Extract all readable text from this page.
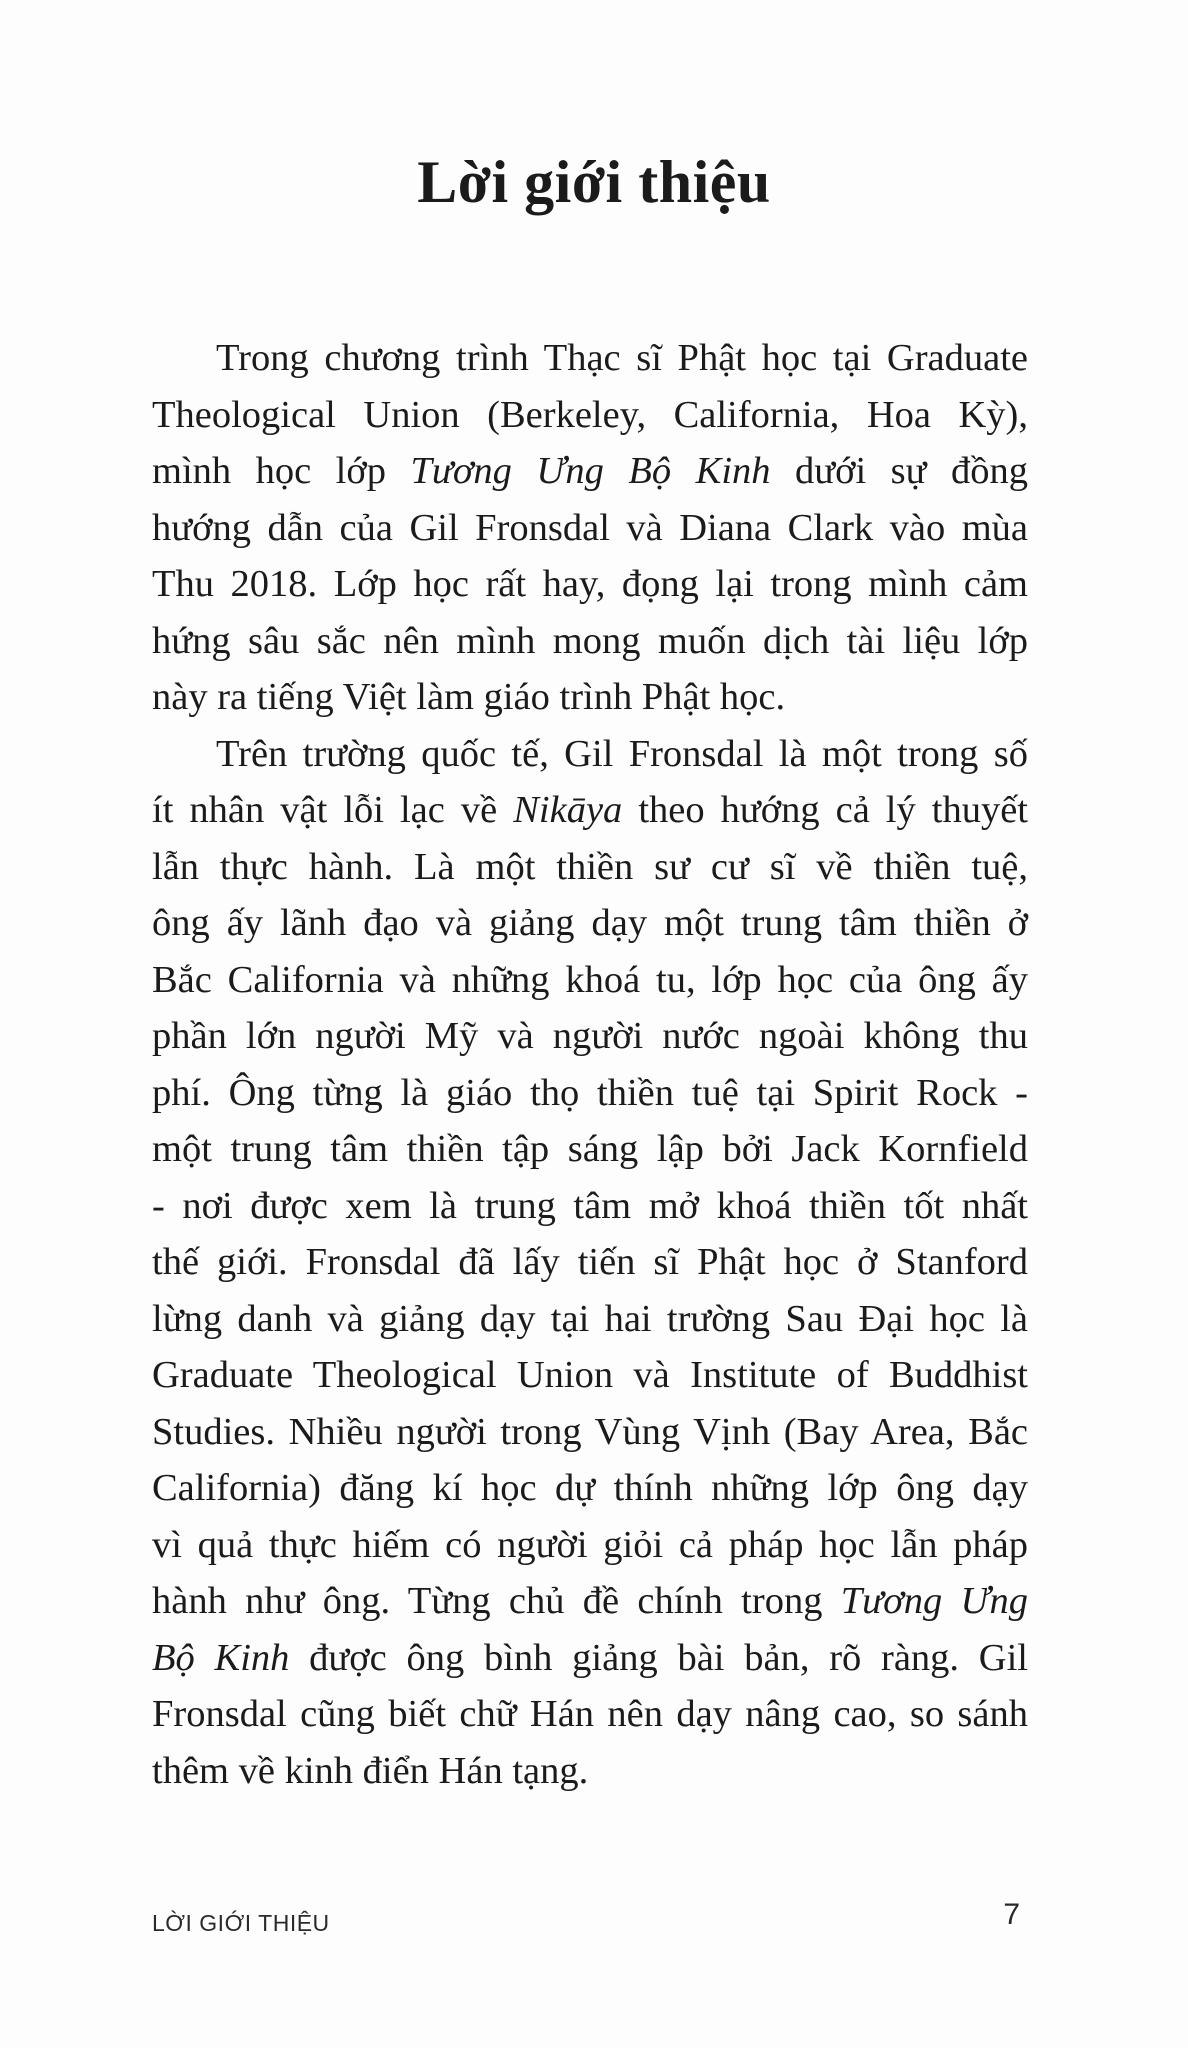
Lời giới thiệu

Trong chương trình Thạc sĩ Phật học tại Graduate
Theological Union (Berkeley, California, Hoa Kỳ),
mình học lớp Tương Ưng Bộ Kinh dưới sự đồng
hướng dẫn của Gil Fronsdal và Diana Clark vào mùa
Thu 2018. Lớp học rất hay, đọng lại trong mình cảm
hứng sâu sắc nên mình mong muốn dịch tài liệu lớp
này ra tiếng Việt làm giáo trình Phật học.

Trên trường quốc tế, Gil Fronsdal là một trong số
ít nhân vật lỗi lạc về Nikāya theo hướng cả lý thuyết
lẫn thực hành. Là một thiền sư cư sĩ về thiền tuệ,
ông ấy lãnh đạo và giảng dạy một trung tâm thiền ở
Bắc California và những khoá tu, lớp học của ông ấy
phần lớn người Mỹ và người nước ngoài không thu
phí. Ông từng là giáo thọ thiền tuệ tại Spirit Rock -
một trung tâm thiền tập sáng lập bởi Jack Kornfield
- nơi được xem là trung tâm mở khoá thiền tốt nhất
thế giới. Fronsdal đã lấy tiến sĩ Phật học ở Stanford
lừng danh và giảng dạy tại hai trường Sau Đại học là
Graduate Theological Union và Institute of Buddhist
Studies. Nhiều người trong Vùng Vịnh (Bay Area, Bắc
California) đăng kí học dự thính những lớp ông dạy
vì quả thực hiếm có người giỏi cả pháp học lẫn pháp
hành như ông. Từng chủ đề chính trong Tương Ưng
Bộ Kinh được ông bình giảng bài bản, rõ ràng. Gil
Fronsdal cũng biết chữ Hán nên dạy nâng cao, so sánh
thêm về kinh điển Hán tạng.

LỜI GIỚI THIỆU	7
